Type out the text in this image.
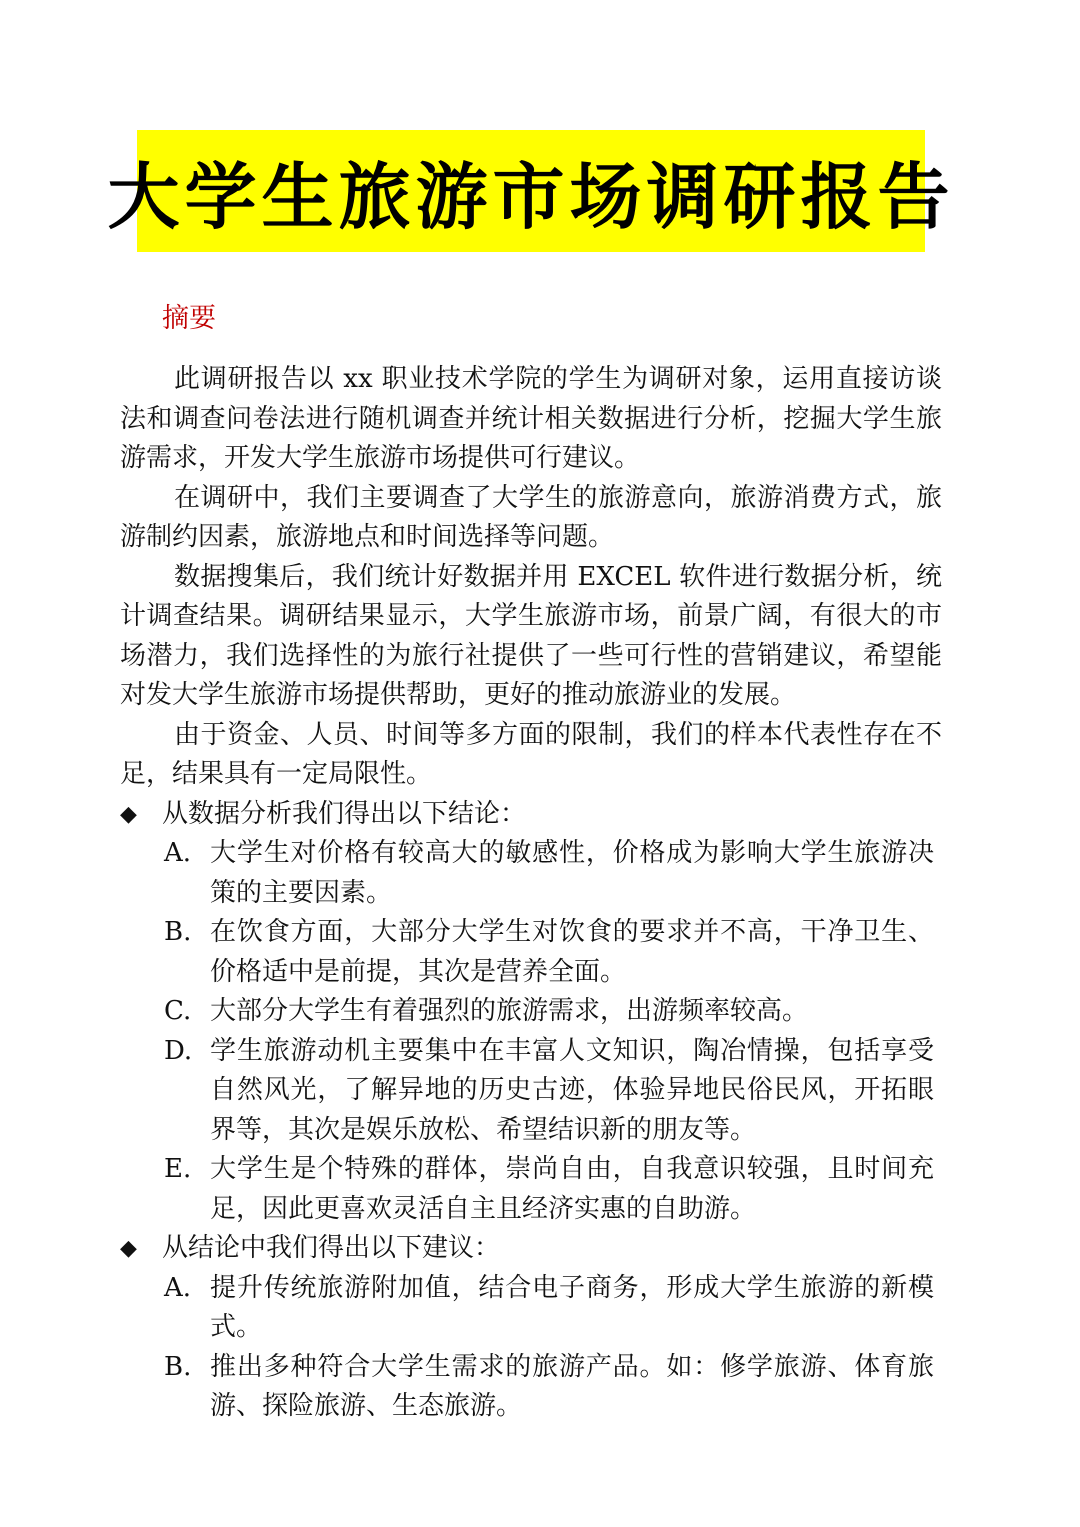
大学生旅游市场调研报告
摘要

此调研报告以 xx 职业技术学院的学生为调研对象，运用直接访谈法和调查问卷法进行随机调查并统计相关数据进行分析，挖掘大学生旅游需求，开发大学生旅游市场提供可行建议。

在调研中，我们主要调查了大学生的旅游意向，旅游消费方式，旅游制约因素，旅游地点和时间选择等问题。

数据搜集后，我们统计好数据并用 EXCEL 软件进行数据分析，统计调查结果。调研结果显示，大学生旅游市场，前景广阔，有很大的市场潜力，我们选择性的为旅行社提供了一些可行性的营销建议，希望能对发大学生旅游市场提供帮助，更好的推动旅游业的发展。

由于资金、人员、时间等多方面的限制，我们的样本代表性存在不足，结果具有一定局限性。

◆ 从数据分析我们得出以下结论：
A. 大学生对价格有较高大的敏感性，价格成为影响大学生旅游决策的主要因素。
B. 在饮食方面，大部分大学生对饮食的要求并不高，干净卫生、价格适中是前提，其次是营养全面。
C. 大部分大学生有着强烈的旅游需求，出游频率较高。
D. 学生旅游动机主要集中在丰富人文知识，陶冶情操，包括享受自然风光，了解异地的历史古迹，体验异地民俗民风，开拓眼界等，其次是娱乐放松、希望结识新的朋友等。
E. 大学生是个特殊的群体，崇尚自由，自我意识较强，且时间充足，因此更喜欢灵活自主且经济实惠的自助游。
◆ 从结论中我们得出以下建议：
A. 提升传统旅游附加值，结合电子商务，形成大学生旅游的新模式。
B. 推出多种符合大学生需求的旅游产品。如：修学旅游、体育旅游、探险旅游、生态旅游。
